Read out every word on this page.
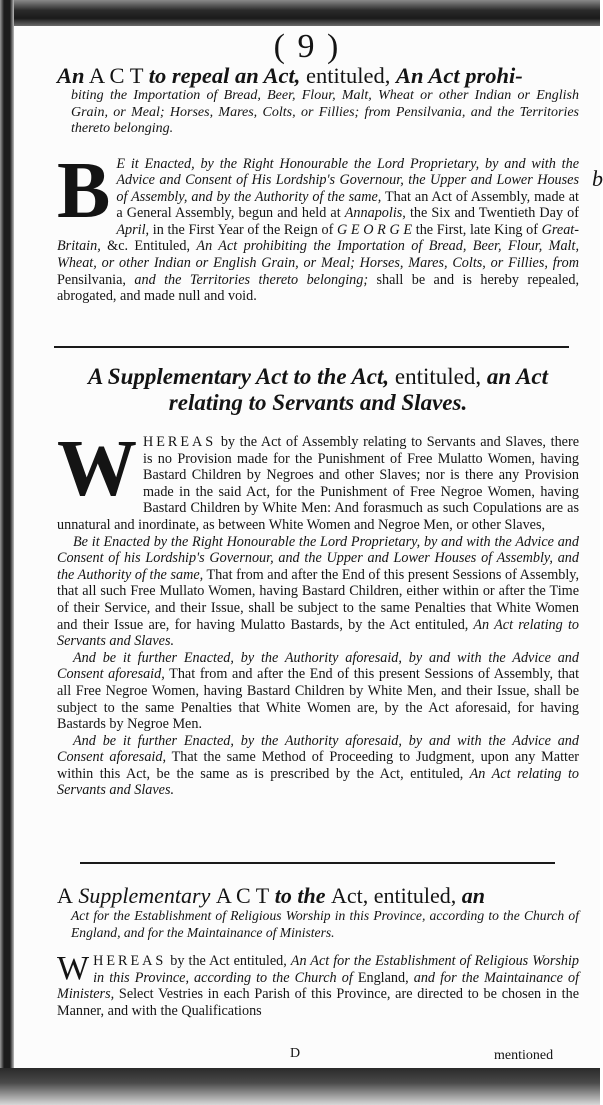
( 9 )
b
An A C T to repeal an Act, entituled, An Act prohi-
biting the Importation of Bread, Beer, Flour, Malt, Wheat or other Indian or English Grain, or Meal; Horses, Mares, Colts, or Fillies; from Pensilvania, and the Territories thereto belonging.

B E it Enacted, by the Right Honourable the Lord Proprietary, by and with the Advice and Consent of His Lordship's Governour, the Upper and Lower Houses of Assembly, and by the Authority of the same, That an Act of Assembly, made at a General Assembly, begun and held at Annapolis, the Six and Twentieth Day of April, in the First Year of the Reign of G E O R G E the First, late King of Great-Britain, &c. Entituled, An Act prohibiting the Importation of Bread, Beer, Flour, Malt, Wheat, or other Indian or English Grain, or Meal; Horses, Mares, Colts, or Fillies, from Pensilvania, and the Territories thereto belonging; shall be and is hereby repealed, abrogated, and made null and void.

A Supplementary Act to the Act, entituled, an Act
relating to Servants and Slaves.

WHEREAS by the Act of Assembly relating to Servants and Slaves, there is no Provision made for the Punishment of Free Mulatto Women, having Bastard Children by Negroes and other Slaves; nor is there any Provision made in the said Act, for the Punishment of Free Negroe Women, having Bastard Children by White Men: And forasmuch as such Copulations are as unnatural and inordinate, as between White Women and Negroe Men, or other Slaves,

Be it Enacted by the Right Honourable the Lord Proprietary, by and with the Advice and Consent of his Lordship's Governour, and the Upper and Lower Houses of Assembly, and the Authority of the same, That from and after the End of this present Sessions of Assembly, that all such Free Mullato Women, having Bastard Children, either within or after the Time of their Service, and their Issue, shall be subject to the same Penalties that White Women and their Issue are, for having Mulatto Bastards, by the Act entituled, An Act relating to Servants and Slaves.

And be it further Enacted, by the Authority aforesaid, by and with the Advice and Consent aforesaid, That from and after the End of this present Sessions of Assembly, that all Free Negroe Women, having Bastard Children by White Men, and their Issue, shall be subject to the same Penalties that White Women are, by the Act aforesaid, for having Bastards by Negroe Men.

And be it further Enacted, by the Authority aforesaid, by and with the Advice and Consent aforesaid, That the same Method of Proceeding to Judgment, upon any Matter within this Act, be the same as is prescribed by the Act, entituled, An Act relating to Servants and Slaves.

A Supplementary A C T to the Act, entituled, an
Act for the Establishment of Religious Worship in this Province, according to the Church of England, and for the Maintainance of Ministers.

WHEREAS by the Act entituled, An Act for the Establishment of Religious Worship in this Province, according to the Church of England, and for the Maintainance of Ministers, Select Vestries in each Parish of this Province, are directed to be chosen in the Manner, and with the Qualifications

D	mentioned
